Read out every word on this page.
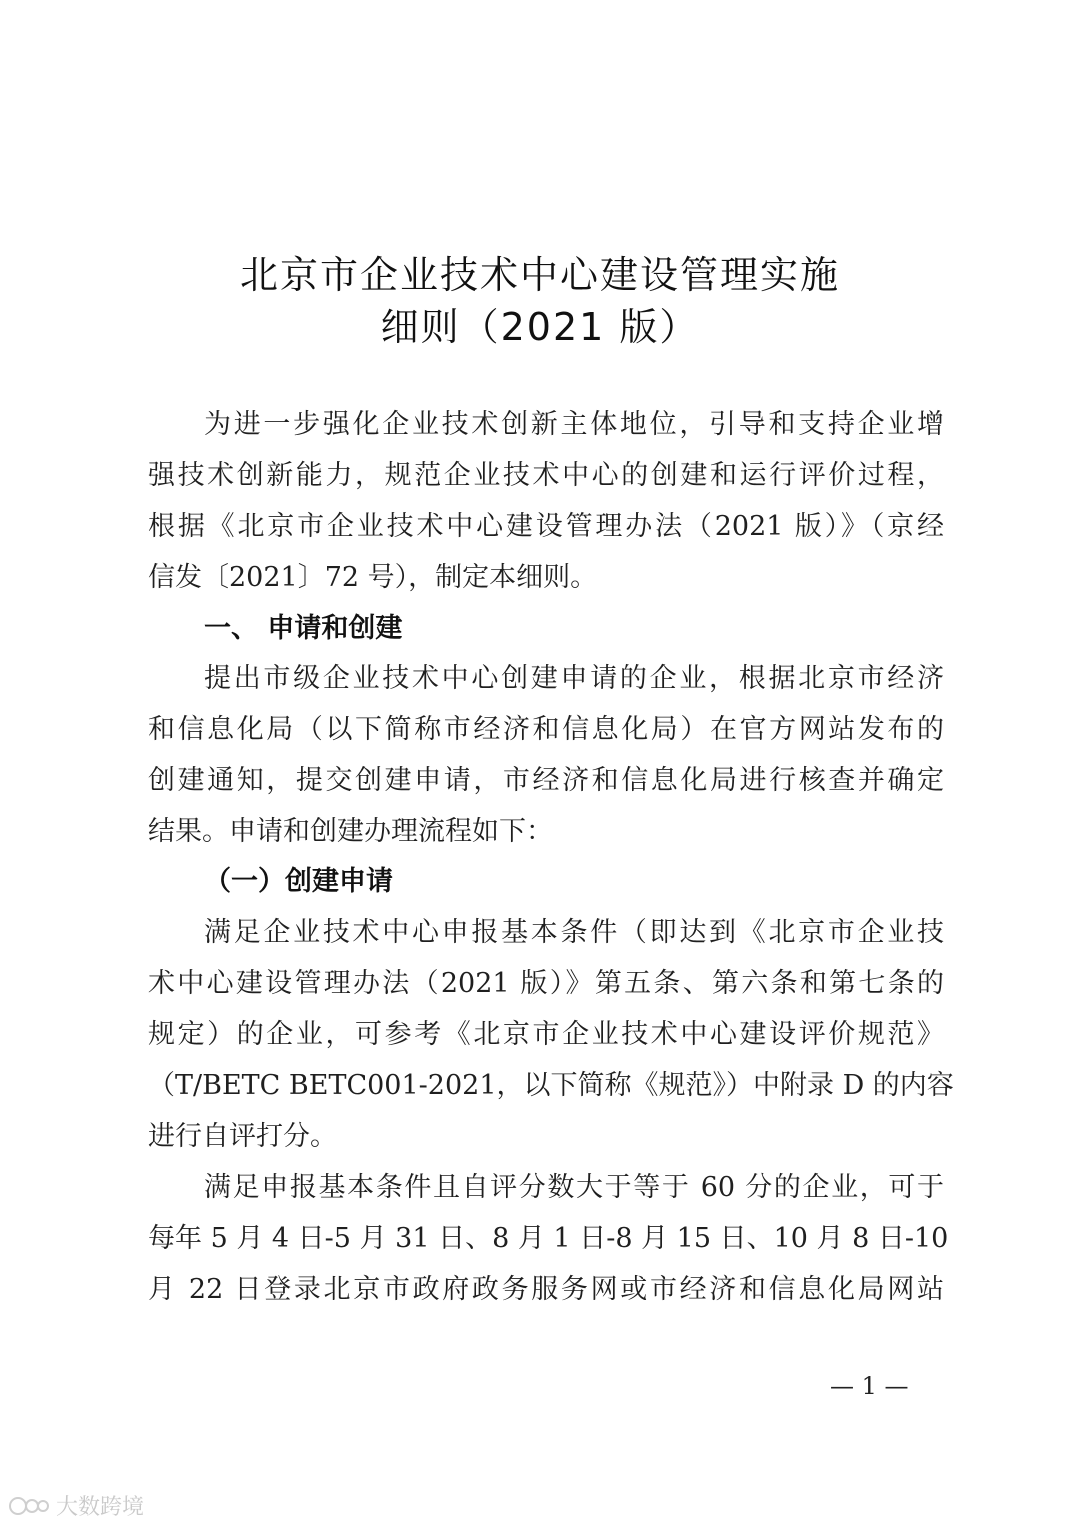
北京市企业技术中心建设管理实施
细则（2021 版）
为进一步强化企业技术创新主体地位，引导和支持企业增
强技术创新能力，规范企业技术中心的创建和运行评价过程，
根据《北京市企业技术中心建设管理办法（2021 版）》（京经
信发〔2021〕72 号），制定本细则。
一、 申请和创建
提出市级企业技术中心创建申请的企业，根据北京市经济
和信息化局（以下简称市经济和信息化局）在官方网站发布的
创建通知，提交创建申请，市经济和信息化局进行核查并确定
结果。申请和创建办理流程如下：
（一）创建申请
满足企业技术中心申报基本条件（即达到《北京市企业技
术中心建设管理办法（2021 版）》第五条、第六条和第七条的
规定）的企业，可参考《北京市企业技术中心建设评价规范》
（T/BETC BETC001-2021，以下简称《规范》）中附录 D 的内容
进行自评打分。
满足申报基本条件且自评分数大于等于 60 分的企业，可于
每年 5 月 4 日-5 月 31 日、8 月 1 日-8 月 15 日、10 月 8 日-10
月 22 日登录北京市政府政务服务网或市经济和信息化局网站
— 1 —
大数跨境
